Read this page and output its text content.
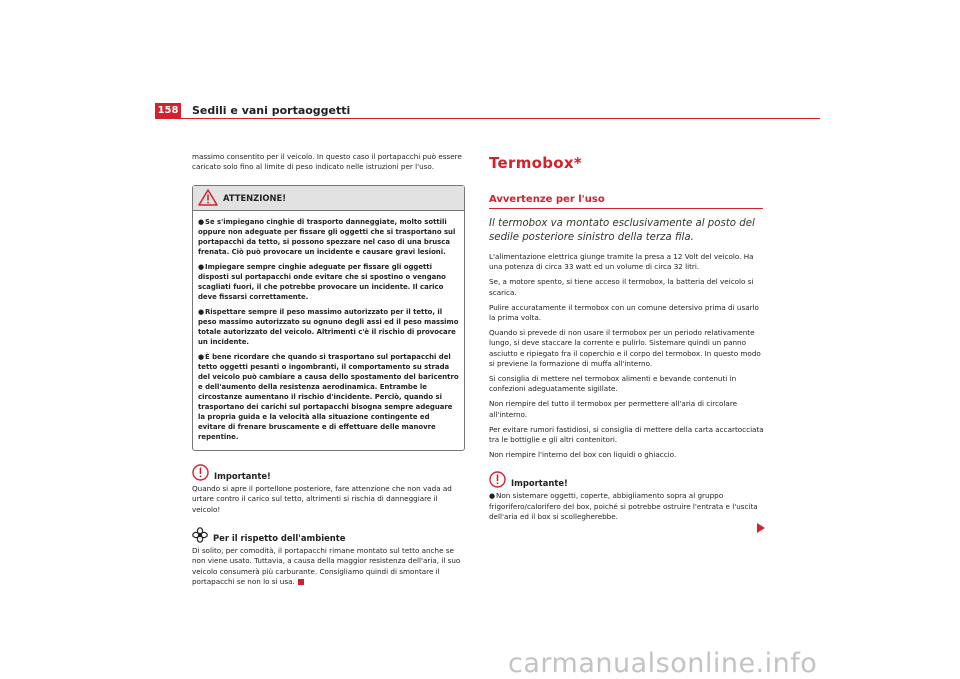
158 Sedili e vani portaoggetti

massimo consentito per il veicolo. In questo caso il portapacchi può essere caricato solo fino al limite di peso indicato nelle istruzioni per l'uso.

ATTENZIONE!
●Se s'impiegano cinghie di trasporto danneggiate, molto sottili oppure non adeguate per fissare gli oggetti che si trasportano sul portapacchi da tetto, si possono spezzare nel caso di una brusca frenata. Ciò può provocare un incidente e causare gravi lesioni.
●Impiegare sempre cinghie adeguate per fissare gli oggetti disposti sul portapacchi onde evitare che si spostino o vengano scagliati fuori, il che potrebbe provocare un incidente. Il carico deve fissarsi correttamente.
●Rispettare sempre il peso massimo autorizzato per il tetto, il peso massimo autorizzato su ognuno degli assi ed il peso massimo totale autorizzato del veicolo. Altrimenti c'è il rischio di provocare un incidente.
●È bene ricordare che quando si trasportano sul portapacchi del tetto oggetti pesanti o ingombranti, il comportamento su strada del veicolo può cambiare a causa dello spostamento del baricentro e dell'aumento della resistenza aerodinamica. Entrambe le circostanze aumentano il rischio d'incidente. Perciò, quando si trasportano dei carichi sul portapacchi bisogna sempre adeguare la propria guida e la velocità alla situazione contingente ed evitare di frenare bruscamente e di effettuare delle manovre repentine.
Importante!

Quando si apre il portellone posteriore, fare attenzione che non vada ad urtare contro il carico sul tetto, altrimenti si rischia di danneggiare il veicolo!

Per il rispetto dell'ambiente

Di solito, per comodità, il portapacchi rimane montato sul tetto anche se non viene usato. Tuttavia, a causa della maggior resistenza dell'aria, il suo veicolo consumerà più carburante. Consigliamo quindi di smontare il portapacchi se non lo si usa.

Termobox*
Avvertenze per l'uso

Il termobox va montato esclusivamente al posto del sedile posteriore sinistro della terza fila.

L'alimentazione elettrica giunge tramite la presa a 12 Volt del veicolo. Ha una potenza di circa 33 watt ed un volume di circa 32 litri.

Se, a motore spento, si tiene acceso il termobox, la batteria del veicolo si scarica.

Pulire accuratamente il termobox con un comune detersivo prima di usarlo la prima volta.

Quando si prevede di non usare il termobox per un periodo relativamente lungo, si deve staccare la corrente e pulirlo. Sistemare quindi un panno asciutto e ripiegato fra il coperchio e il corpo del termobox. In questo modo si previene la formazione di muffa all'interno.

Si consiglia di mettere nel termobox alimenti e bevande contenuti in confezioni adeguatamente sigillate.

Non riempire del tutto il termobox per permettere all'aria di circolare all'interno.

Per evitare rumori fastidiosi, si consiglia di mettere della carta accartocciata tra le bottiglie e gli altri contenitori.

Non riempire l'interno del box con liquidi o ghiaccio.

Importante!

●Non sistemare oggetti, coperte, abbigliamento sopra al gruppo frigorifero/calorifero del box, poiché si potrebbe ostruire l'entrata e l'uscita dell'aria ed il box si scollegherebbe.

carmanualsonline.info
